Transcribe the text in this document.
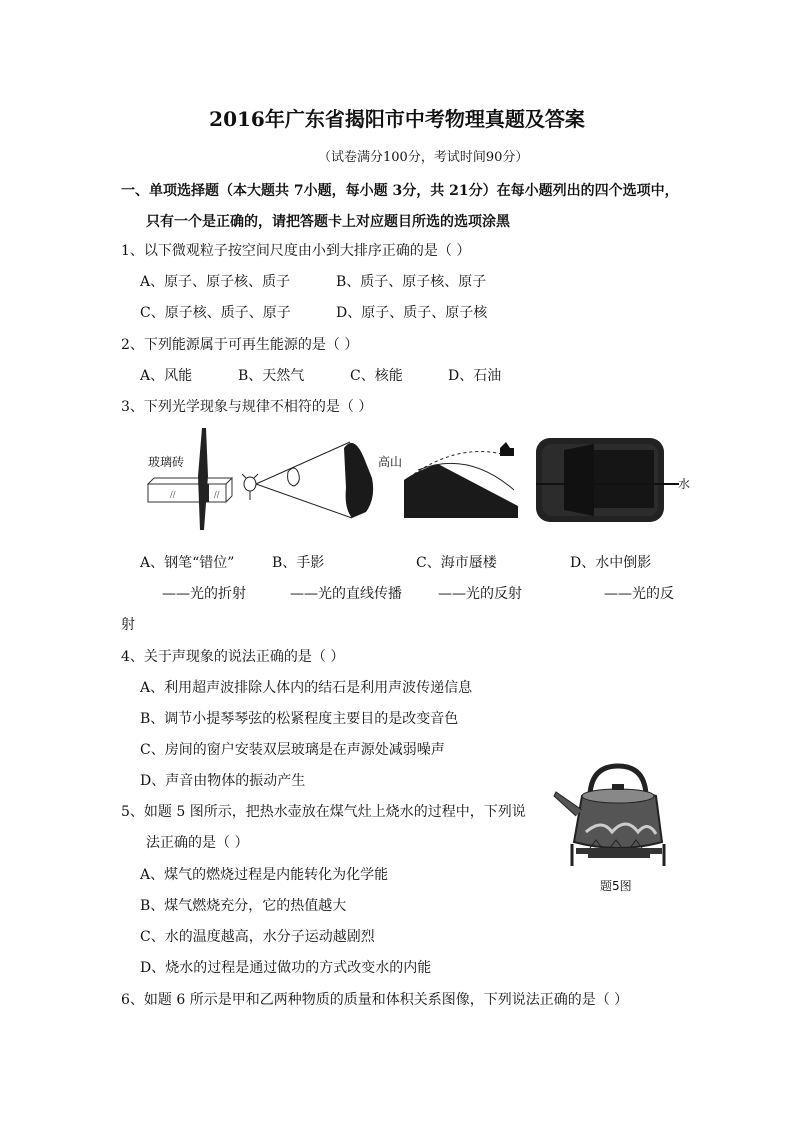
2016年广东省揭阳市中考物理真题及答案
（试卷满分100分，考试时间90分）
一、单项选择题（本大题共 7小题，每小题 3分，共 21分）在每小题列出的四个选项中，
只有一个是正确的，请把答题卡上对应题目所选的选项涂黑
1、以下微观粒子按空间尺度由小到大排序正确的是（ ）
A、原子、原子核、质子	B、质子、原子核、原子
C、原子核、质子、原子	D、原子、质子、原子核
2、下列能源属于可再生能源的是（ ）
A、风能	B、天然气	C、核能	D、石油
3、下列光学现象与规律不相符的是（ ）
玻璃砖
//	//
高山
水
A、钢笔“错位”	B、手影	C、海市蜃楼	D、水中倒影
——光的折射	——光的直线传播	——光的反射	——光的反
射
4、关于声现象的说法正确的是（ ）
A、利用超声波排除人体内的结石是利用声波传递信息
B、调节小提琴琴弦的松紧程度主要目的是改变音色
C、房间的窗户安装双层玻璃是在声源处减弱噪声
D、声音由物体的振动产生
5、如题 5 图所示，把热水壶放在煤气灶上烧水的过程中，下列说
法正确的是（ ）
A、煤气的燃烧过程是内能转化为化学能
B、煤气燃烧充分，它的热值越大
C、水的温度越高，水分子运动越剧烈
D、烧水的过程是通过做功的方式改变水的内能
题5图
6、如题 6 所示是甲和乙两种物质的质量和体积关系图像，下列说法正确的是（ ）
